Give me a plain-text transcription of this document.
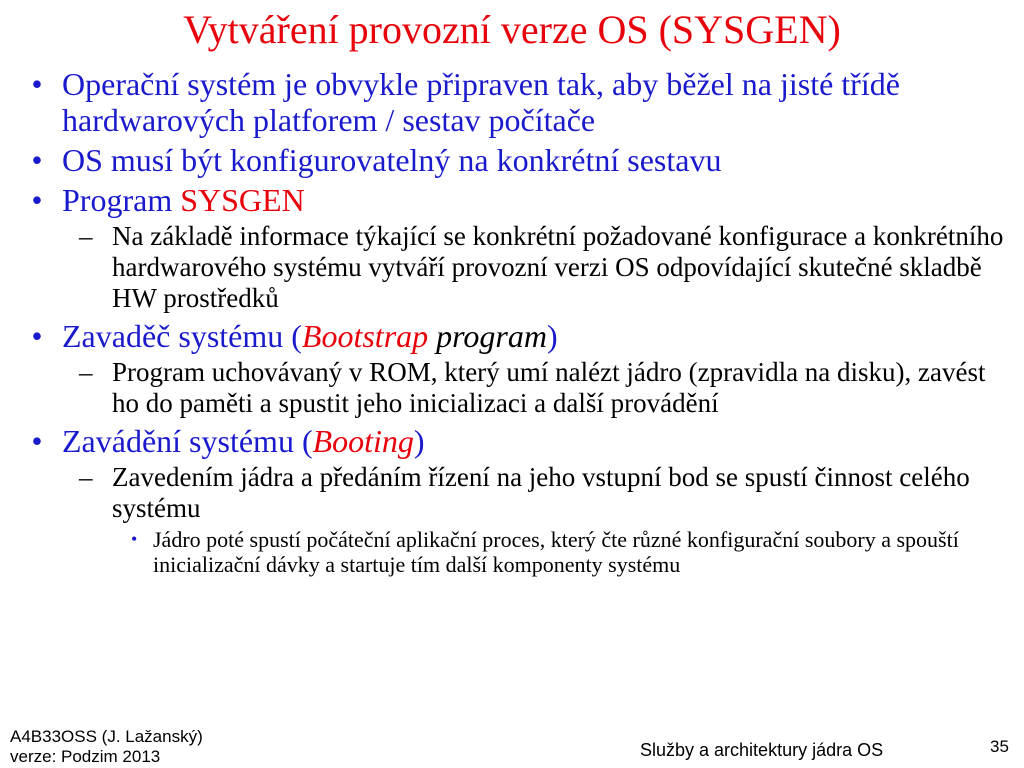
Vytváření provozní verze OS (SYSGEN)
• Operační systém je obvykle připraven tak, aby běžel na jisté třídě hardwarových platforem / sestav počítače
• OS musí být konfigurovatelný na konkrétní sestavu
• Program SYSGEN
– Na základě informace týkající se konkrétní požadované konfigurace a konkrétního hardwarového systému vytváří provozní verzi OS odpovídající skutečné skladbě HW prostředků
• Zavaděč systému (Bootstrap program)
– Program uchovávaný v ROM, který umí nalézt jádro (zpravidla na disku), zavést ho do paměti a spustit jeho inicializaci a další provádění
• Zavádění systému (Booting)
– Zavedením jádra a předáním řízení na jeho vstupní bod se spustí činnost celého systému
• Jádro poté spustí počáteční aplikační proces, který čte různé konfigurační soubory a spouští inicializační dávky a startuje tím další komponenty systému
A4B33OSS (J. Lažanský)
verze: Podzim 2013	Služby a architektury jádra OS	35
